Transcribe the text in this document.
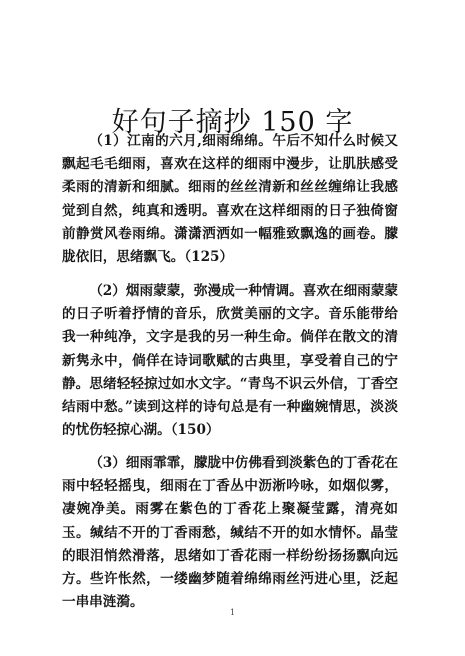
好句子摘抄 150 字

（1）江南的六月,细雨绵绵。午后不知什么时候又飘起毛毛细雨，喜欢在这样的细雨中漫步，让肌肤感受柔雨的清新和细腻。细雨的丝丝清新和丝丝缠绵让我感觉到自然，纯真和透明。喜欢在这样细雨的日子独倚窗前静赏风卷雨绵。潇潇洒洒如一幅雅致飘逸的画卷。朦胧依旧，思绪飘飞。（125）

（2）烟雨蒙蒙，弥漫成一种情调。喜欢在细雨蒙蒙的日子听着抒情的音乐，欣赏美丽的文字。音乐能带给我一种纯净，文字是我的另一种生命。倘佯在散文的清新隽永中，倘佯在诗词歌赋的古典里，享受着自己的宁静。思绪轻轻掠过如水文字。“青鸟不识云外信，丁香空结雨中愁。”读到这样的诗句总是有一种幽婉情思，淡淡的忧伤轻掠心湖。（150）

（3）细雨霏霏，朦胧中仿佛看到淡紫色的丁香花在雨中轻轻摇曳，细雨在丁香丛中沥淅吟咏，如烟似雾，凄婉净美。雨雾在紫色的丁香花上聚凝莹露，清亮如玉。缄结不开的丁香雨愁，缄结不开的如水情怀。晶莹的眼泪悄然滑落，思绪如丁香花雨一样纷纷扬扬飘向远方。些许怅然，一缕幽梦随着绵绵雨丝沔进心里，泛起一串串涟漪。

1
